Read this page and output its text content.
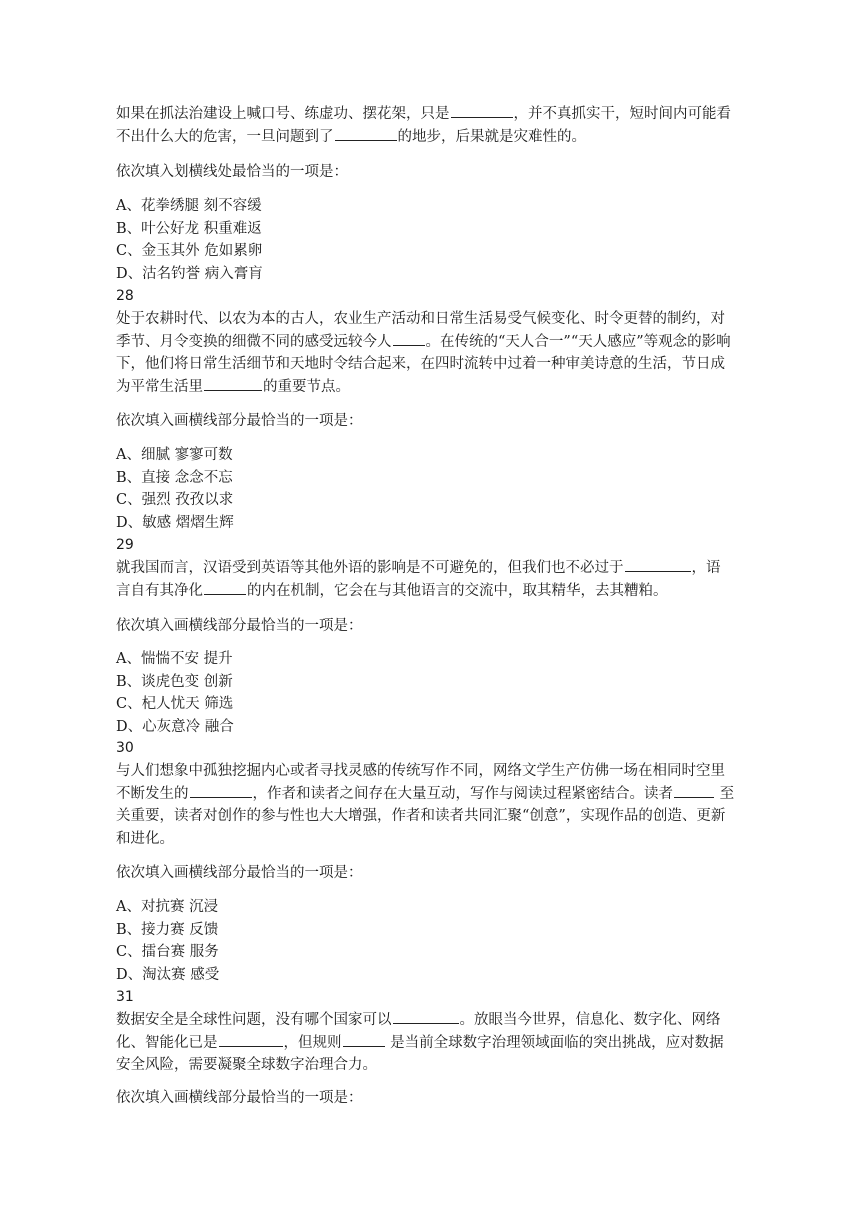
如果在抓法治建设上喊口号、练虚功、摆花架，只是	，并不真抓实干，短时间内可能看
不出什么大的危害，一旦问题到了	的地步，后果就是灾难性的。
依次填入划横线处最恰当的一项是：
A、花拳绣腿 刻不容缓
B、叶公好龙 积重难返
C、金玉其外 危如累卵
D、沽名钓誉 病入膏肓
28
处于农耕时代、以农为本的古人，农业生产活动和日常生活易受气候变化、时令更替的制约，对
季节、月令变换的细微不同的感受远较今人 。在传统的“天人合一”“天人感应”等观念的影响
下，他们将日常生活细节和天地时令结合起来，在四时流转中过着一种审美诗意的生活，节日成
为平常生活里	的重要节点。
依次填入画横线部分最恰当的一项是：
A、细腻 寥寥可数
B、直接 念念不忘
C、强烈 孜孜以求
D、敏感 熠熠生辉
29
就我国而言，汉语受到英语等其他外语的影响是不可避免的，但我们也不必过于	，语
言自有其净化	的内在机制，它会在与其他语言的交流中，取其精华，去其糟粕。
依次填入画横线部分最恰当的一项是：
A、惴惴不安 提升
B、谈虎色变 创新
C、杞人忧天 筛选
D、心灰意冷 融合
30
与人们想象中孤独挖掘内心或者寻找灵感的传统写作不同，网络文学生产仿佛一场在相同时空里
不断发生的	，作者和读者之间存在大量互动，写作与阅读过程紧密结合。读者	至
关重要，读者对创作的参与性也大大增强，作者和读者共同汇聚“创意”，实现作品的创造、更新
和进化。
依次填入画横线部分最恰当的一项是：
A、对抗赛 沉浸
B、接力赛 反馈
C、擂台赛 服务
D、淘汰赛 感受
31
数据安全是全球性问题，没有哪个国家可以	。放眼当今世界，信息化、数字化、网络
化、智能化已是	，但规则	是当前全球数字治理领域面临的突出挑战，应对数据
安全风险，需要凝聚全球数字治理合力。
依次填入画横线部分最恰当的一项是：
